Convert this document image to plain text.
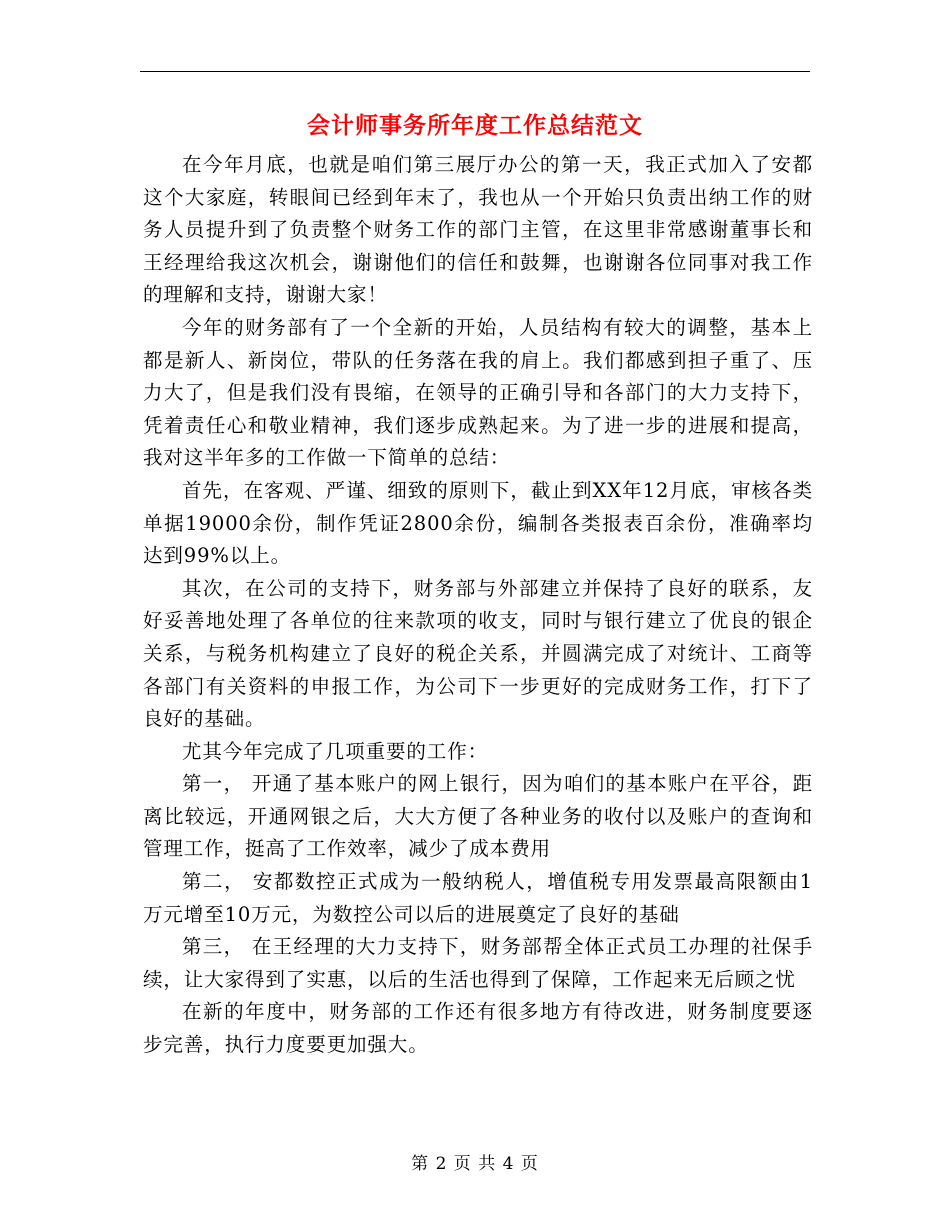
会计师事务所年度工作总结范文

在今年月底，也就是咱们第三展厅办公的第一天，我正式加入了安都这个大家庭，转眼间已经到年末了，我也从一个开始只负责出纳工作的财务人员提升到了负责整个财务工作的部门主管，在这里非常感谢董事长和王经理给我这次机会，谢谢他们的信任和鼓舞，也谢谢各位同事对我工作的理解和支持，谢谢大家！

今年的财务部有了一个全新的开始，人员结构有较大的调整，基本上都是新人、新岗位，带队的任务落在我的肩上。我们都感到担子重了、压力大了，但是我们没有畏缩，在领导的正确引导和各部门的大力支持下，凭着责任心和敬业精神，我们逐步成熟起来。为了进一步的进展和提高，我对这半年多的工作做一下简单的总结：

首先，在客观、严谨、细致的原则下，截止到XX年12月底，审核各类单据19000余份，制作凭证2800余份，编制各类报表百余份，准确率均达到99%以上。

其次，在公司的支持下，财务部与外部建立并保持了良好的联系，友好妥善地处理了各单位的往来款项的收支，同时与银行建立了优良的银企关系，与税务机构建立了良好的税企关系，并圆满完成了对统计、工商等各部门有关资料的申报工作，为公司下一步更好的完成财务工作，打下了良好的基础。

尤其今年完成了几项重要的工作：

第一， 开通了基本账户的网上银行，因为咱们的基本账户在平谷，距离比较远，开通网银之后，大大方便了各种业务的收付以及账户的查询和管理工作，挺高了工作效率，减少了成本费用

第二， 安都数控正式成为一般纳税人，增值税专用发票最高限额由1万元增至10万元，为数控公司以后的进展奠定了良好的基础

第三， 在王经理的大力支持下，财务部帮全体正式员工办理的社保手续，让大家得到了实惠，以后的生活也得到了保障，工作起来无后顾之忧

在新的年度中，财务部的工作还有很多地方有待改进，财务制度要逐步完善，执行力度要更加强大。

第 2 页 共 4 页
